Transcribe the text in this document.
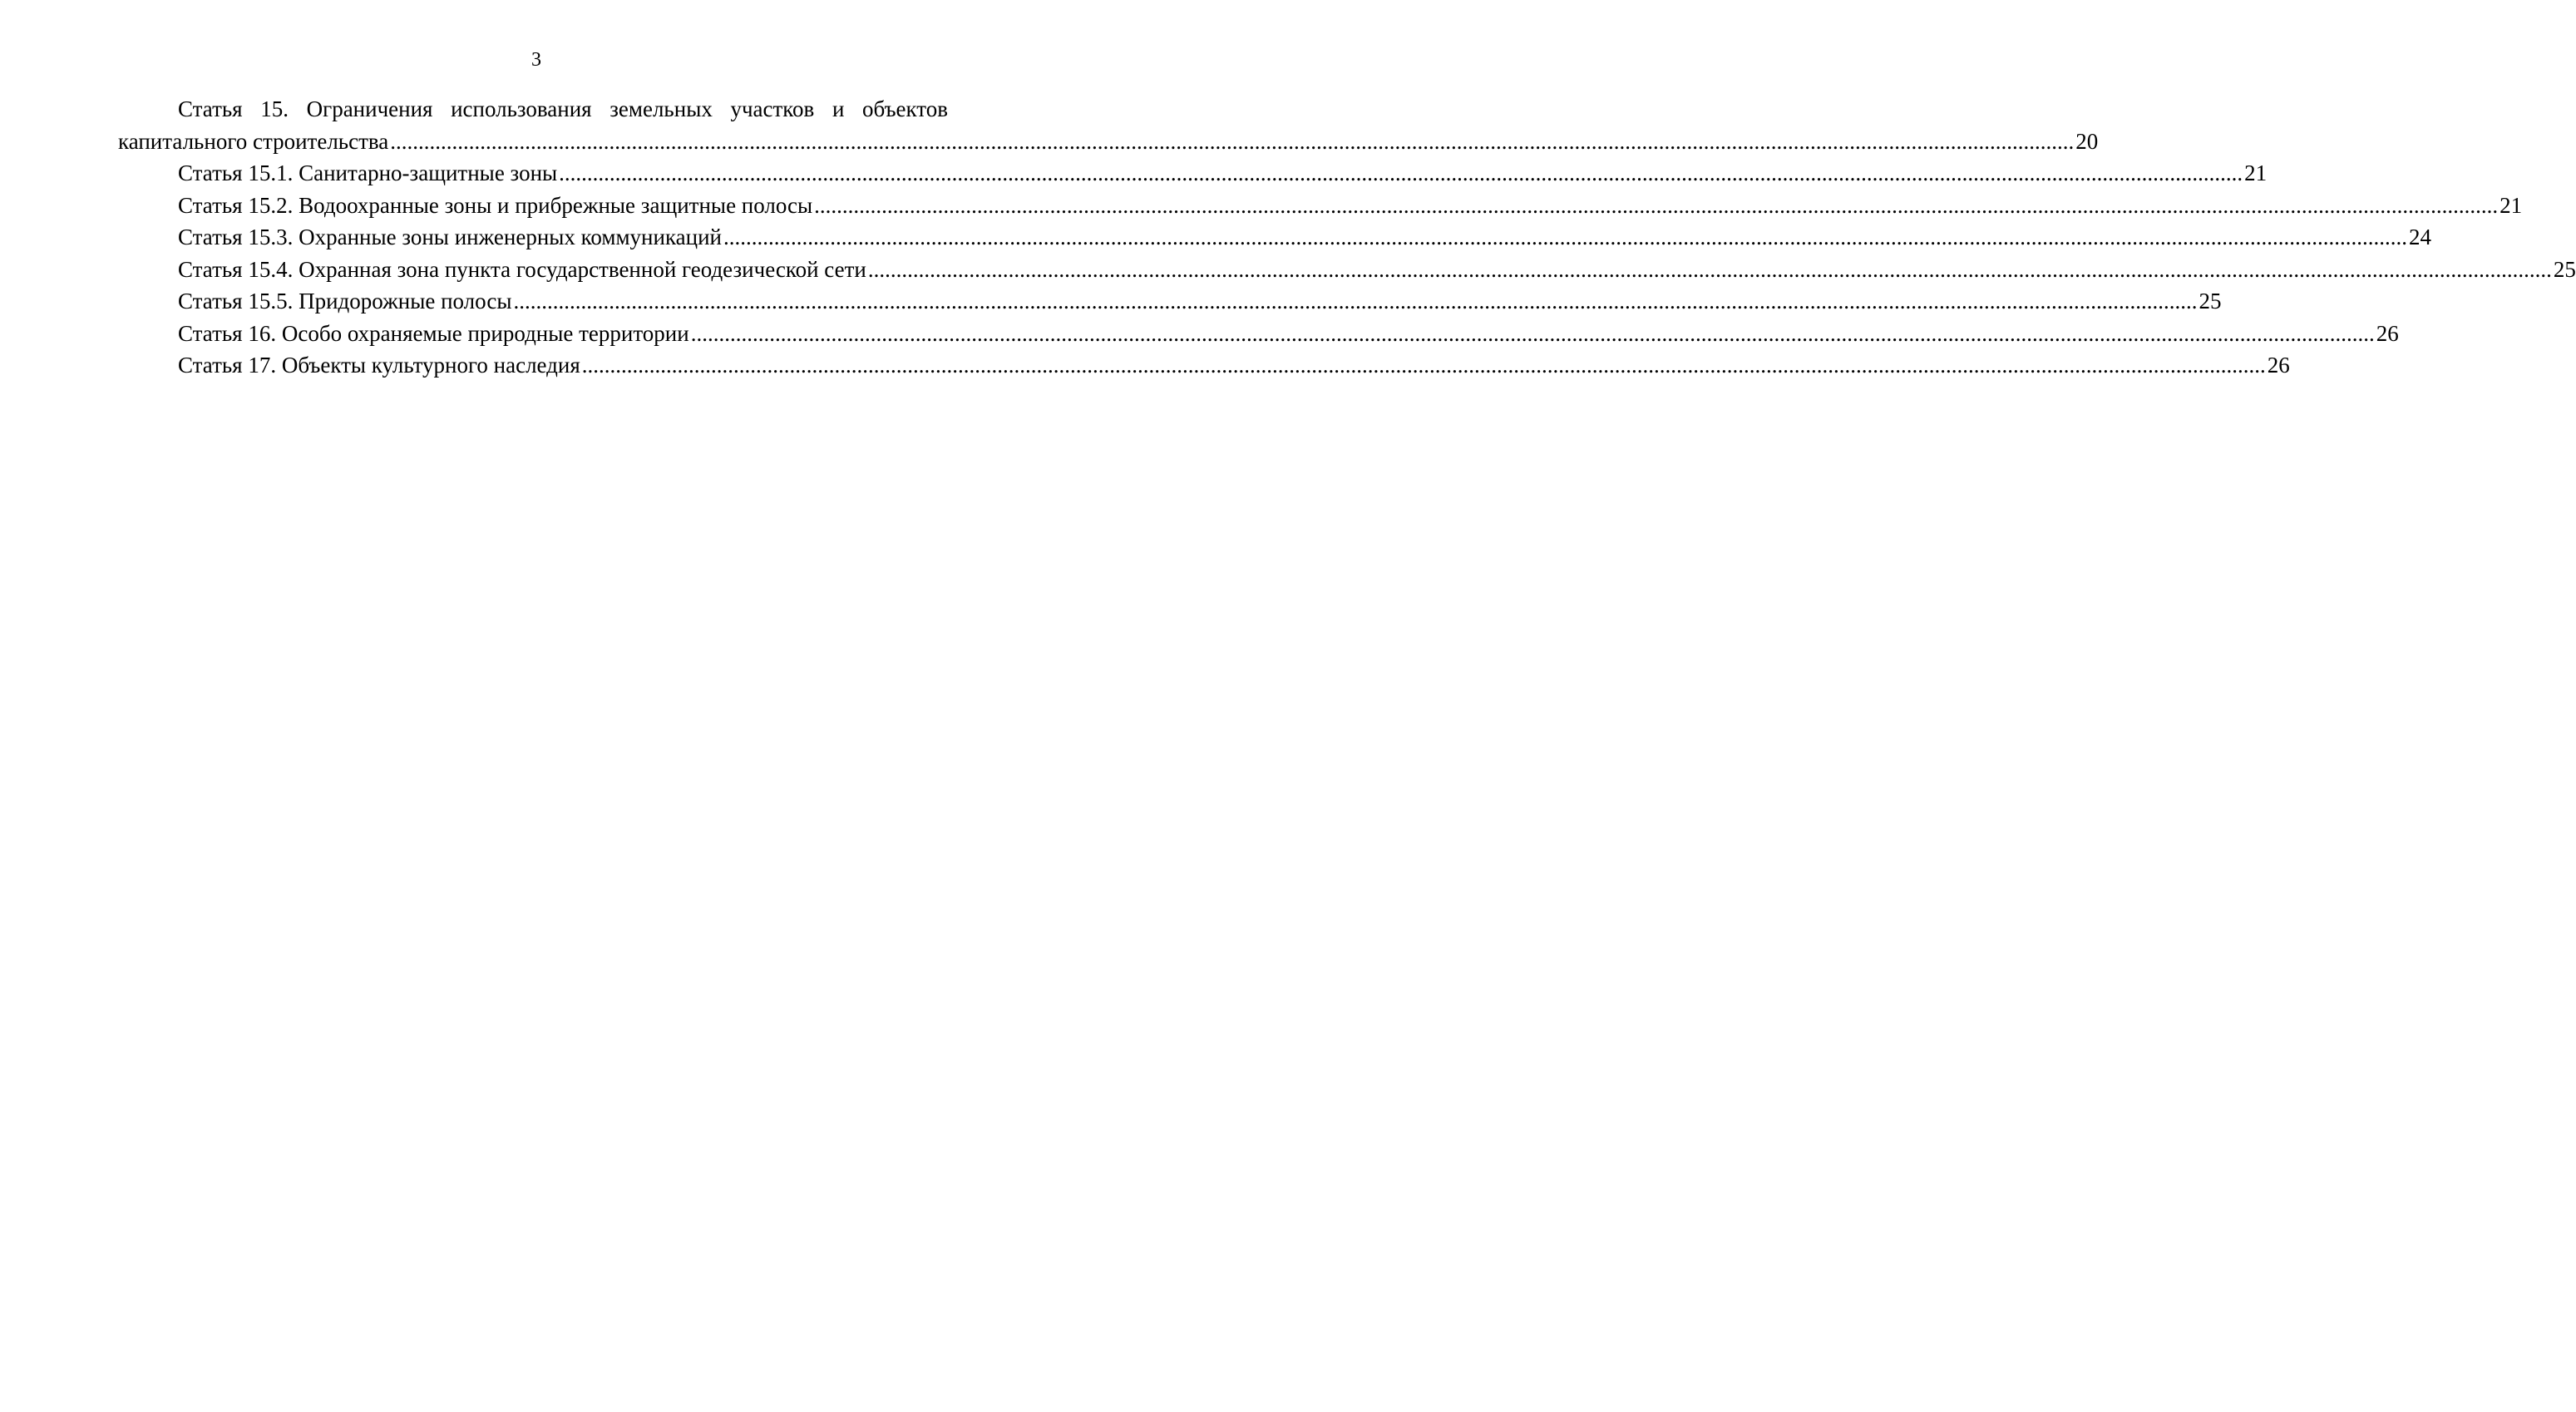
3
Статья 15. Ограничения использования земельных участков и объектов
капитального строительства ............................................................................................................................................................................................................................................................................................................ 20
Статья 15.1. Санитарно-защитные зоны ............................................................................................................................................................................................................................................................................................................ 21
Статья 15.2. Водоохранные зоны и прибрежные защитные полосы ............................................................................................................................................................................................................................................................................................................ 21
Статья 15.3. Охранные зоны инженерных коммуникаций ............................................................................................................................................................................................................................................................................................................ 24
Статья 15.4. Охранная зона пункта государственной геодезической сети ............................................................................................................................................................................................................................................................................................................ 25
Статья 15.5. Придорожные полосы ............................................................................................................................................................................................................................................................................................................ 25
Статья 16. Особо охраняемые природные территории ............................................................................................................................................................................................................................................................................................................ 26
Статья 17. Объекты культурного наследия ............................................................................................................................................................................................................................................................................................................ 26
